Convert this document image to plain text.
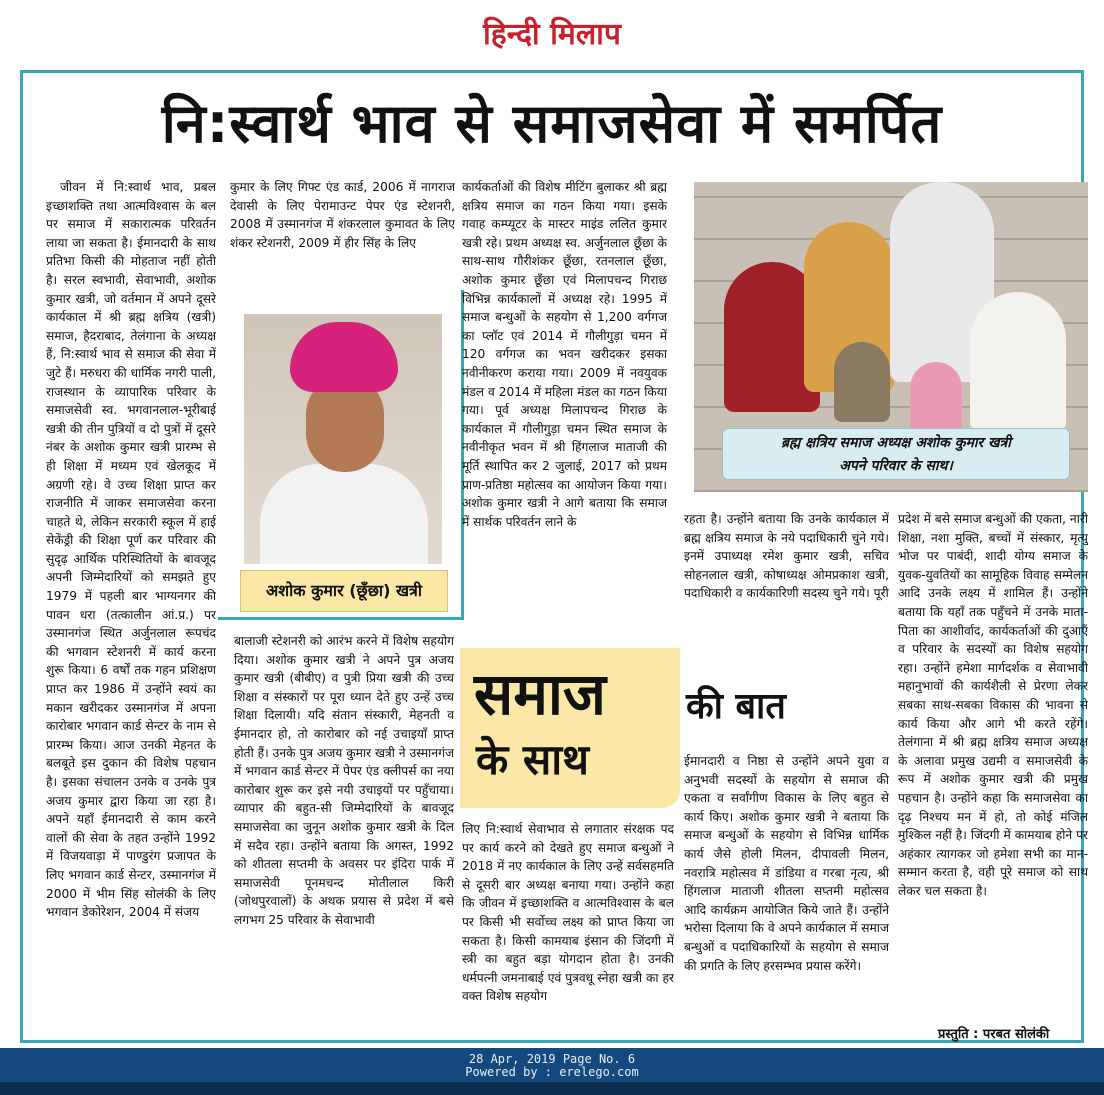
हिन्दी मिलाप
नि:स्वार्थ भाव से समाजसेवा में समर्पित

जीवन में नि:स्वार्थ भाव, प्रबल इच्छाशक्ति तथा आत्मविश्वास के बल पर समाज में सकारात्मक परिवर्तन लाया जा सकता है। ईमानदारी के साथ प्रतिभा किसी की मोहताज नहीं होती है। सरल स्वभावी, सेवाभावी, अशोक कुमार खत्री, जो वर्तमान में अपने दूसरे कार्यकाल में श्री ब्रह्म क्षत्रिय (खत्री) समाज, हैदराबाद, तेलंगाना के अध्यक्ष हैं, नि:स्वार्थ भाव से समाज की सेवा में जुटे हैं। मरुधरा की धार्मिक नगरी पाली, राजस्थान के व्यापारिक परिवार के समाजसेवी स्व. भगवानलाल-भूरीबाई खत्री की तीन पुत्रियों व दो पुत्रों में दूसरे नंबर के अशोक कुमार खत्री प्रारम्भ से ही शिक्षा में मध्यम एवं खेलकूद में अग्रणी रहे। वे उच्च शिक्षा प्राप्त कर राजनीति में जाकर समाजसेवा करना चाहते थे, लेकिन सरकारी स्कूल में हाई सेकेंड्री की शिक्षा पूर्ण कर परिवार की सुदृढ़ आर्थिक परिस्थितियों के बावजूद अपनी जिम्मेदारियों को समझते हुए 1979 में पहली बार भाग्यनगर की पावन धरा (तत्कालीन आं.प्र.) पर उस्मानगंज स्थित अर्जुनलाल रूपचंद की भगवान स्टेशनरी में कार्य करना शुरू किया। 6 वर्षों तक गहन प्रशिक्षण प्राप्त कर 1986 में उन्होंने स्वयं का मकान खरीदकर उस्मानगंज में अपना कारोबार भगवान कार्ड सेन्टर के नाम से प्रारम्भ किया। आज उनकी मेहनत के बलबूते इस दुकान की विशेष पहचान है। इसका संचालन उनके व उनके पुत्र अजय कुमार द्वारा किया जा रहा है। अपने यहाँ ईमानदारी से काम करने वालों की सेवा के तहत उन्होंने 1992 में विजयवाड़ा में पाण्डुरंग प्रजापत के लिए भगवान कार्ड सेन्टर, उस्मानगंज में 2000 में भीम सिंह सोलंकी के लिए भगवान डेकोरेशन, 2004 में संजय

कुमार के लिए गिफ्ट एंड कार्ड, 2006 में नागराज देवासी के लिए पेरामाउन्ट पेपर एंड स्टेशनरी, 2008 में उस्मानगंज में शंकरलाल कुमावत के लिए शंकर स्टेशनरी, 2009 में हीर सिंह के लिए

अशोक कुमार (छूँछा) खत्री

बालाजी स्टेशनरी को आरंभ करने में विशेष सहयोग दिया। अशोक कुमार खत्री ने अपने पुत्र अजय कुमार खत्री (बीबीए) व पुत्री प्रिया खत्री की उच्च शिक्षा व संस्कारों पर पूरा ध्यान देते हुए उन्हें उच्च शिक्षा दिलायी। यदि संतान संस्कारी, मेहनती व ईमानदार हो, तो कारोबार को नई उचाइयाँ प्राप्त होती हैं। उनके पुत्र अजय कुमार खत्री ने उस्मानगंज में भगवान कार्ड सेन्टर में पेपर एंड क्लीपर्स का नया कारोबार शुरू कर इसे नयी उचाइयों पर पहुँचाया। व्यापार की बहुत-सी जिम्मेदारियों के बावजूद समाजसेवा का जुनून अशोक कुमार खत्री के दिल में सदैव रहा। उन्होंने बताया कि अगस्त, 1992 को शीतला सप्तमी के अवसर पर इंदिरा पार्क में समाजसेवी पूनमचन्द मोतीलाल किरी (जोधपुरवालों) के अथक प्रयास से प्रदेश में बसे लगभग 25 परिवार के सेवाभावी

कार्यकर्ताओं की विशेष मीटिंग बुलाकर श्री ब्रह्म क्षत्रिय समाज का गठन किया गया। इसके गवाह कम्प्यूटर के मास्टर माइंड ललित कुमार खत्री रहे। प्रथम अध्यक्ष स्व. अर्जुनलाल छूँछा के साथ-साथ गौरीशंकर छूँछा, रतनलाल छूँछा, अशोक कुमार छूँछा एवं मिलापचन्द गिराछ विभिन्न कार्यकालों में अध्यक्ष रहे। 1995 में समाज बन्धुओं के सहयोग से 1,200 वर्गगज का प्लॉट एवं 2014 में गौलीगुड़ा चमन में 120 वर्गगज का भवन खरीदकर इसका नवीनीकरण कराया गया। 2009 में नवयुवक मंडल व 2014 में महिला मंडल का गठन किया गया। पूर्व अध्यक्ष मिलापचन्द गिराछ के कार्यकाल में गौलीगुड़ा चमन स्थित समाज के नवीनीकृत भवन में श्री हिंगलाज माताजी की मूर्ति स्थापित कर 2 जुलाई, 2017 को प्रथम प्राण-प्रतिष्ठा महोत्सव का आयोजन किया गया। अशोक कुमार खत्री ने आगे बताया कि समाज में सार्थक परिवर्तन लाने के

ब्रह्म क्षत्रिय समाज अध्यक्ष अशोक कुमार खत्री
अपने परिवार के साथ।

रहता है। उन्होंने बताया कि उनके कार्यकाल में ब्रह्म क्षत्रिय समाज के नये पदाधिकारी चुने गये। इनमें उपाध्यक्ष रमेश कुमार खत्री, सचिव सोहनलाल खत्री, कोषाध्यक्ष ओमप्रकाश खत्री, पदाधिकारी व कार्यकारिणी सदस्य चुने गये। पूरी

समाज की बात
के साथ

लिए नि:स्वार्थ सेवाभाव से लगातार संरक्षक पद पर कार्य करने को देखते हुए समाज बन्धुओं ने 2018 में नए कार्यकाल के लिए उन्हें सर्वसहमति से दूसरी बार अध्यक्ष बनाया गया। उन्होंने कहा कि जीवन में इच्छाशक्ति व आत्मविश्वास के बल पर किसी भी सर्वोच्च लक्ष्य को प्राप्त किया जा सकता है। किसी कामयाब इंसान की जिंदगी में स्त्री का बहुत बड़ा योगदान होता है। उनकी धर्मपत्नी जमनाबाई एवं पुत्रवधू स्नेहा खत्री का हर वक्त विशेष सहयोग

ईमानदारी व निष्ठा से उन्होंने अपने युवा व अनुभवी सदस्यों के सहयोग से समाज की एकता व सर्वांगीण विकास के लिए बहुत से कार्य किए। अशोक कुमार खत्री ने बताया कि समाज बन्धुओं के सहयोग से विभिन्न धार्मिक कार्य जैसे होली मिलन, दीपावली मिलन, नवरात्रि महोत्सव में डांडिया व गरबा नृत्य, श्री हिंगलाज माताजी शीतला सप्तमी महोत्सव आदि कार्यक्रम आयोजित किये जाते हैं। उन्होंने भरोसा दिलाया कि वे अपने कार्यकाल में समाज बन्धुओं व पदाधिकारियों के सहयोग से समाज की प्रगति के लिए हरसम्भव प्रयास करेंगे।

प्रदेश में बसे समाज बन्धुओं की एकता, नारी शिक्षा, नशा मुक्ति, बच्चों में संस्कार, मृत्यु भोज पर पाबंदी, शादी योग्य समाज के युवक-युवतियों का सामूहिक विवाह सम्मेलन आदि उनके लक्ष्य में शामिल हैं। उन्होंने बताया कि यहाँ तक पहुँचने में उनके माता-पिता का आशीर्वाद, कार्यकर्ताओं की दुआएँ व परिवार के सदस्यों का विशेष सहयोग रहा। उन्होंने हमेशा मार्गदर्शक व सेवाभावी महानुभावों की कार्यशैली से प्रेरणा लेकर सबका साथ-सबका विकास की भावना से कार्य किया और आगे भी करते रहेंगे। तेलंगाना में श्री ब्रह्म क्षत्रिय समाज अध्यक्ष के अलावा प्रमुख उद्यमी व समाजसेवी के रूप में अशोक कुमार खत्री की प्रमुख पहचान है। उन्होंने कहा कि समाजसेवा का दृढ़ निश्चय मन में हो, तो कोई मंजिल मुश्किल नहीं है। जिंदगी में कामयाब होने पर अहंकार त्यागकर जो हमेशा सभी का मान-सम्मान करता है, वही पूरे समाज को साथ लेकर चल सकता है।

प्रस्तुति : परबत सोलंकी
28 Apr, 2019 Page No. 6
Powered by : erelego.com
